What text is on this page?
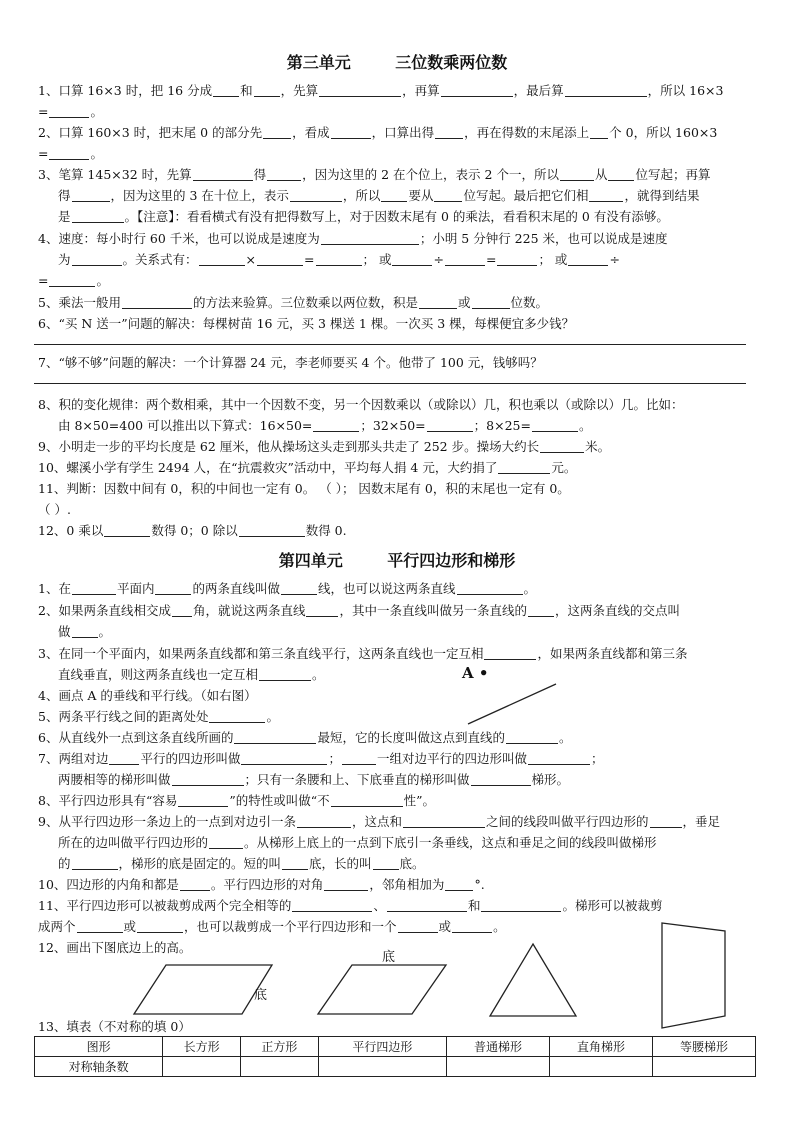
第三单元        三位数乘两位数
1、口算 16×3 时，把 16 分成 和 ，先算	，再算	，最后算	，所以 16×3
=	。
2、口算 160×3 时，把末尾 0 的部分先 ，看成	，口算出得 ，再在得数的末尾添上 个 0，所以 160×3
=	。
3、笔算 145×32 时，先算	得	，因为这里的 2 在个位上，表示 2 个一，所以	从 位写起；再算
得	，因为这里的 3 在十位上，表示	，所以 要从 位写起。最后把它们相	，就得到结果
是	。【注意】：看看横式有没有把得数写上，对于因数末尾有 0 的乘法，看看积末尾的 0 有没有添够。
4、速度：每小时行 60 千米，也可以说成是速度为	；小明 5 分钟行 225 米，也可以说成是速度
为	。关系式有：	×	=	； 或	÷	=	； 或	÷
=	。
5、乘法一般用	的方法来验算。三位数乘以两位数，积是	或	位数。
6、“买 N 送一”问题的解决：每棵树苗 16 元，买 3 棵送 1 棵。一次买 3 棵，每棵便宜多少钱？
7、“够不够”问题的解决：一个计算器 24 元，李老师要买 4 个。他带了 100 元，钱够吗？
8、积的变化规律：两个数相乘，其中一个因数不变，另一个因数乘以（或除以）几，积也乘以（或除以）几。比如：
由 8×50=400 可以推出以下算式：16×50=	；32×50=	；8×25=	。
9、小明走一步的平均长度是 62 厘米，他从操场这头走到那头共走了 252 步。操场大约长	米。
10、螺溪小学有学生 2494 人，在“抗震救灾”活动中，平均每人捐 4 元，大约捐了	元。
11、判断：因数中间有 0，积的中间也一定有 0。 （ ）； 因数末尾有 0，积的末尾也一定有 0。
（ ）.
12、0 乘以	数得 0；0 除以	数得 0.
第四单元        平行四边形和梯形
1、在	平面内	的两条直线叫做	线，也可以说这两条直线	。
2、如果两条直线相交成 角，就说这两条直线	，其中一条直线叫做另一条直线的 ，这两条直线的交点叫
做 。
3、在同一个平面内，如果两条直线都和第三条直线平行，这两条直线也一定互相	，如果两条直线都和第三条
直线垂直，则这两条直线也一定互相	。	A •
4、画点 A 的垂线和平行线。（如右图）
5、两条平行线之间的距离处处	。
6、从直线外一点到这条直线所画的	最短，它的长度叫做这点到直线的	。
7、两组对边	平行的四边形叫做	；	一组对边平行的四边形叫做	；
两腰相等的梯形叫做	；只有一条腰和上、下底垂直的梯形叫做	梯形。
8、平行四边形具有“容易	”的特性或叫做“不	性”。
9、从平行四边形一条边上的一点到对边引一条	，这点和	之间的线段叫做平行四边形的	，垂足
所在的边叫做平行四边形的	。从梯形上底上的一点到下底引一条垂线，这点和垂足之间的线段叫做梯形
的	，梯形的底是固定的。短的叫 底，长的叫 底。
10、四边形的内角和都是	。平行四边形的对角	，邻角相加为 °.
11、平行四边形可以被裁剪成两个完全相等的	、	和	。梯形可以被裁剪
成两个	或	，也可以裁剪成一个平行四边形和一个	或	。
12、画出下图底边上的高。
底
底
13、填表（不对称的填 0）
图形	长方形	正方形	平行四边形	普通梯形	直角梯形	等腰梯形
对称轴条数						
